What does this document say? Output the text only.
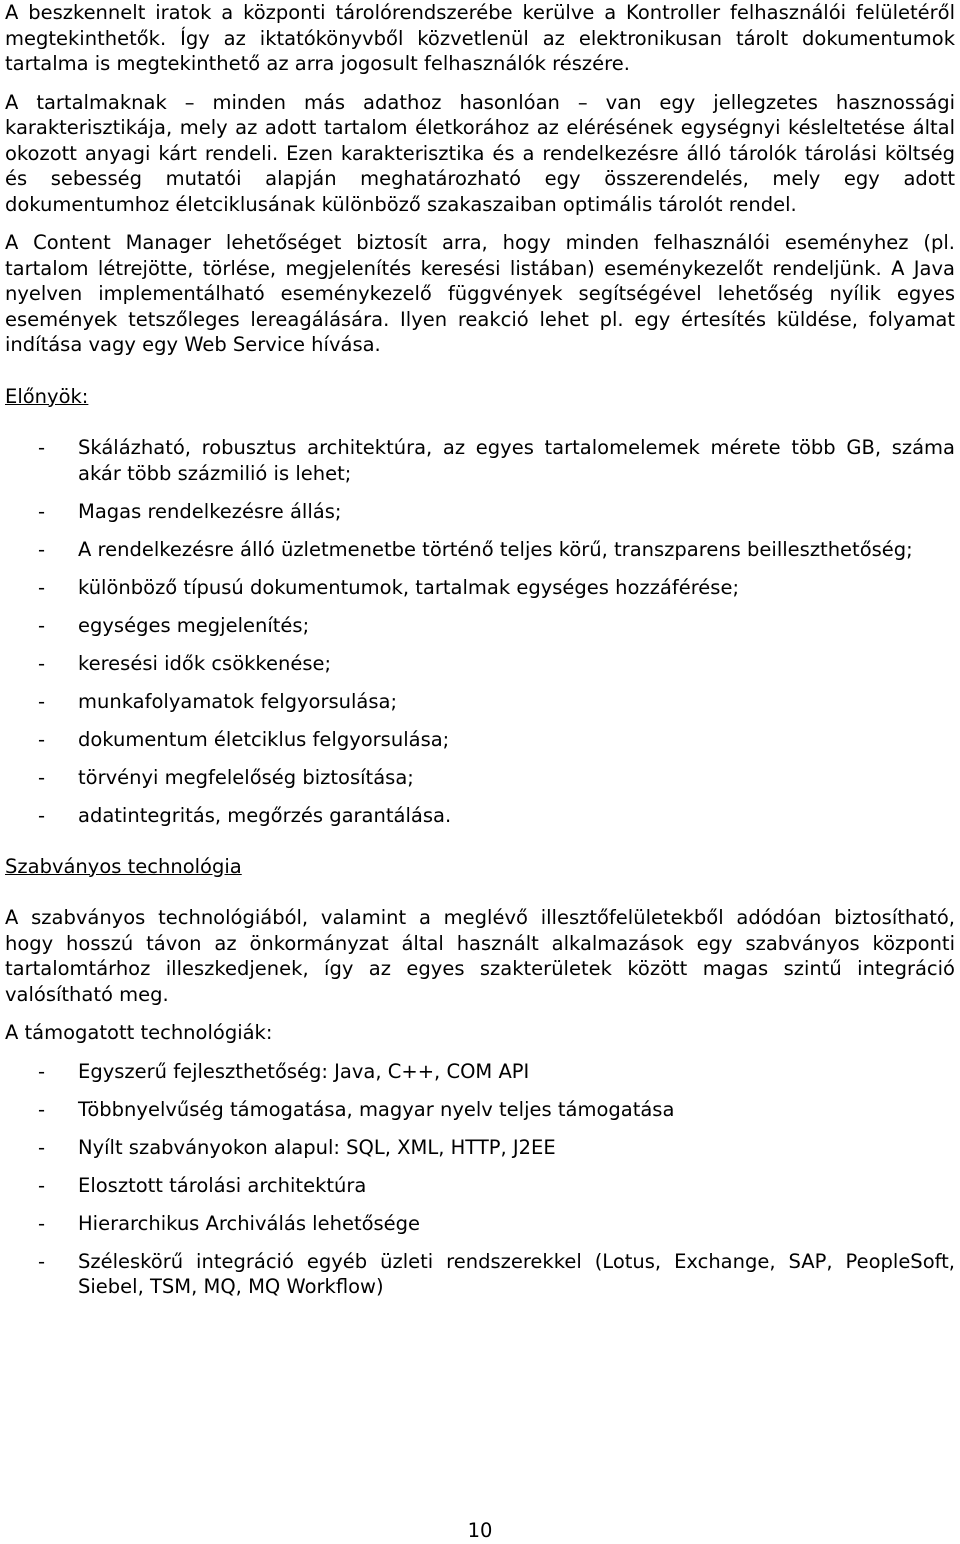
A beszkennelt iratok a központi tárolórendszerébe kerülve a Kontroller felhasználói felületéről megtekinthetők. Így az iktatókönyvből közvetlenül az elektronikusan tárolt dokumentumok tartalma is megtekinthető az arra jogosult felhasználók részére.

A tartalmaknak – minden más adathoz hasonlóan – van egy jellegzetes hasznossági karakterisztikája, mely az adott tartalom életkorához az elérésének egységnyi késleltetése által okozott anyagi kárt rendeli. Ezen karakterisztika és a rendelkezésre álló tárolók tárolási költség és sebesség mutatói alapján meghatározható egy összerendelés, mely egy adott dokumentumhoz életciklusának különböző szakaszaiban optimális tárolót rendel.

A Content Manager lehetőséget biztosít arra, hogy minden felhasználói eseményhez (pl. tartalom létrejötte, törlése, megjelenítés keresési listában) eseménykezelőt rendeljünk. A Java nyelven implementálható eseménykezelő függvények segítségével lehetőség nyílik egyes események tetszőleges lereagálására. Ilyen reakció lehet pl. egy értesítés küldése, folyamat indítása vagy egy Web Service hívása.

Előnyök:

- Skálázható, robusztus architektúra, az egyes tartalomelemek mérete több GB, száma akár több százmilió is lehet;
- Magas rendelkezésre állás;
- A rendelkezésre álló üzletmenetbe történő teljes körű, transzparens beilleszthetőség;
- különböző típusú dokumentumok, tartalmak egységes hozzáférése;
- egységes megjelenítés;
- keresési idők csökkenése;
- munkafolyamatok felgyorsulása;
- dokumentum életciklus felgyorsulása;
- törvényi megfelelőség biztosítása;
- adatintegritás, megőrzés garantálása.

Szabványos technológia

A szabványos technológiából, valamint a meglévő illesztőfelületekből adódóan biztosítható, hogy hosszú távon az önkormányzat által használt alkalmazások egy szabványos központi tartalomtárhoz illeszkedjenek, így az egyes szakterületek között magas szintű integráció valósítható meg.

A támogatott technológiák:

- Egyszerű fejleszthetőség: Java, C++, COM API
- Többnyelvűség támogatása, magyar nyelv teljes támogatása
- Nyílt szabványokon alapul: SQL, XML, HTTP, J2EE
- Elosztott tárolási architektúra
- Hierarchikus Archiválás lehetősége
- Széleskörű integráció egyéb üzleti rendszerekkel (Lotus, Exchange, SAP, PeopleSoft, Siebel, TSM, MQ, MQ Workflow)
10
